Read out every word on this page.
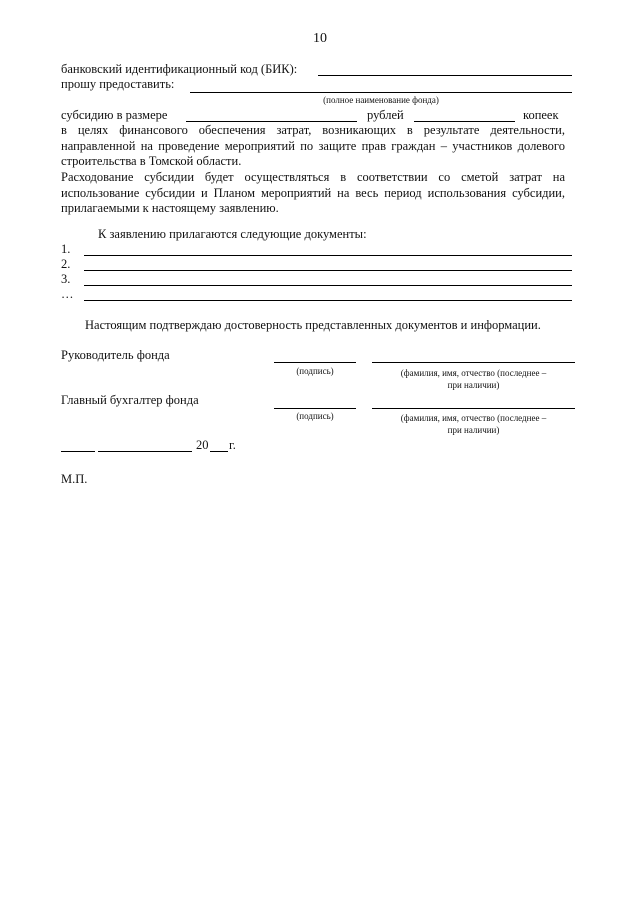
10
банковский идентификационный код (БИК):
прошу предоставить:
(полное наименование фонда)
субсидию в размере	рублей	копеек
в целях финансового обеспечения затрат, возникающих в результате деятельности, направленной на проведение мероприятий по защите прав граждан – участников долевого строительства в Томской области.
Расходование субсидии будет осуществляться в соответствии со сметой затрат на использование субсидии и Планом мероприятий на весь период использования субсидии, прилагаемыми к настоящему заявлению.
К заявлению прилагаются следующие документы:
1.
2.
3.
…
Настоящим подтверждаю достоверность представленных документов и информации.
Руководитель фонда
(подпись)	(фамилия, имя, отчество (последнее –
при наличии)
Главный бухгалтер фонда
(подпись)	(фамилия, имя, отчество (последнее –
при наличии)
20 г.
М.П.
